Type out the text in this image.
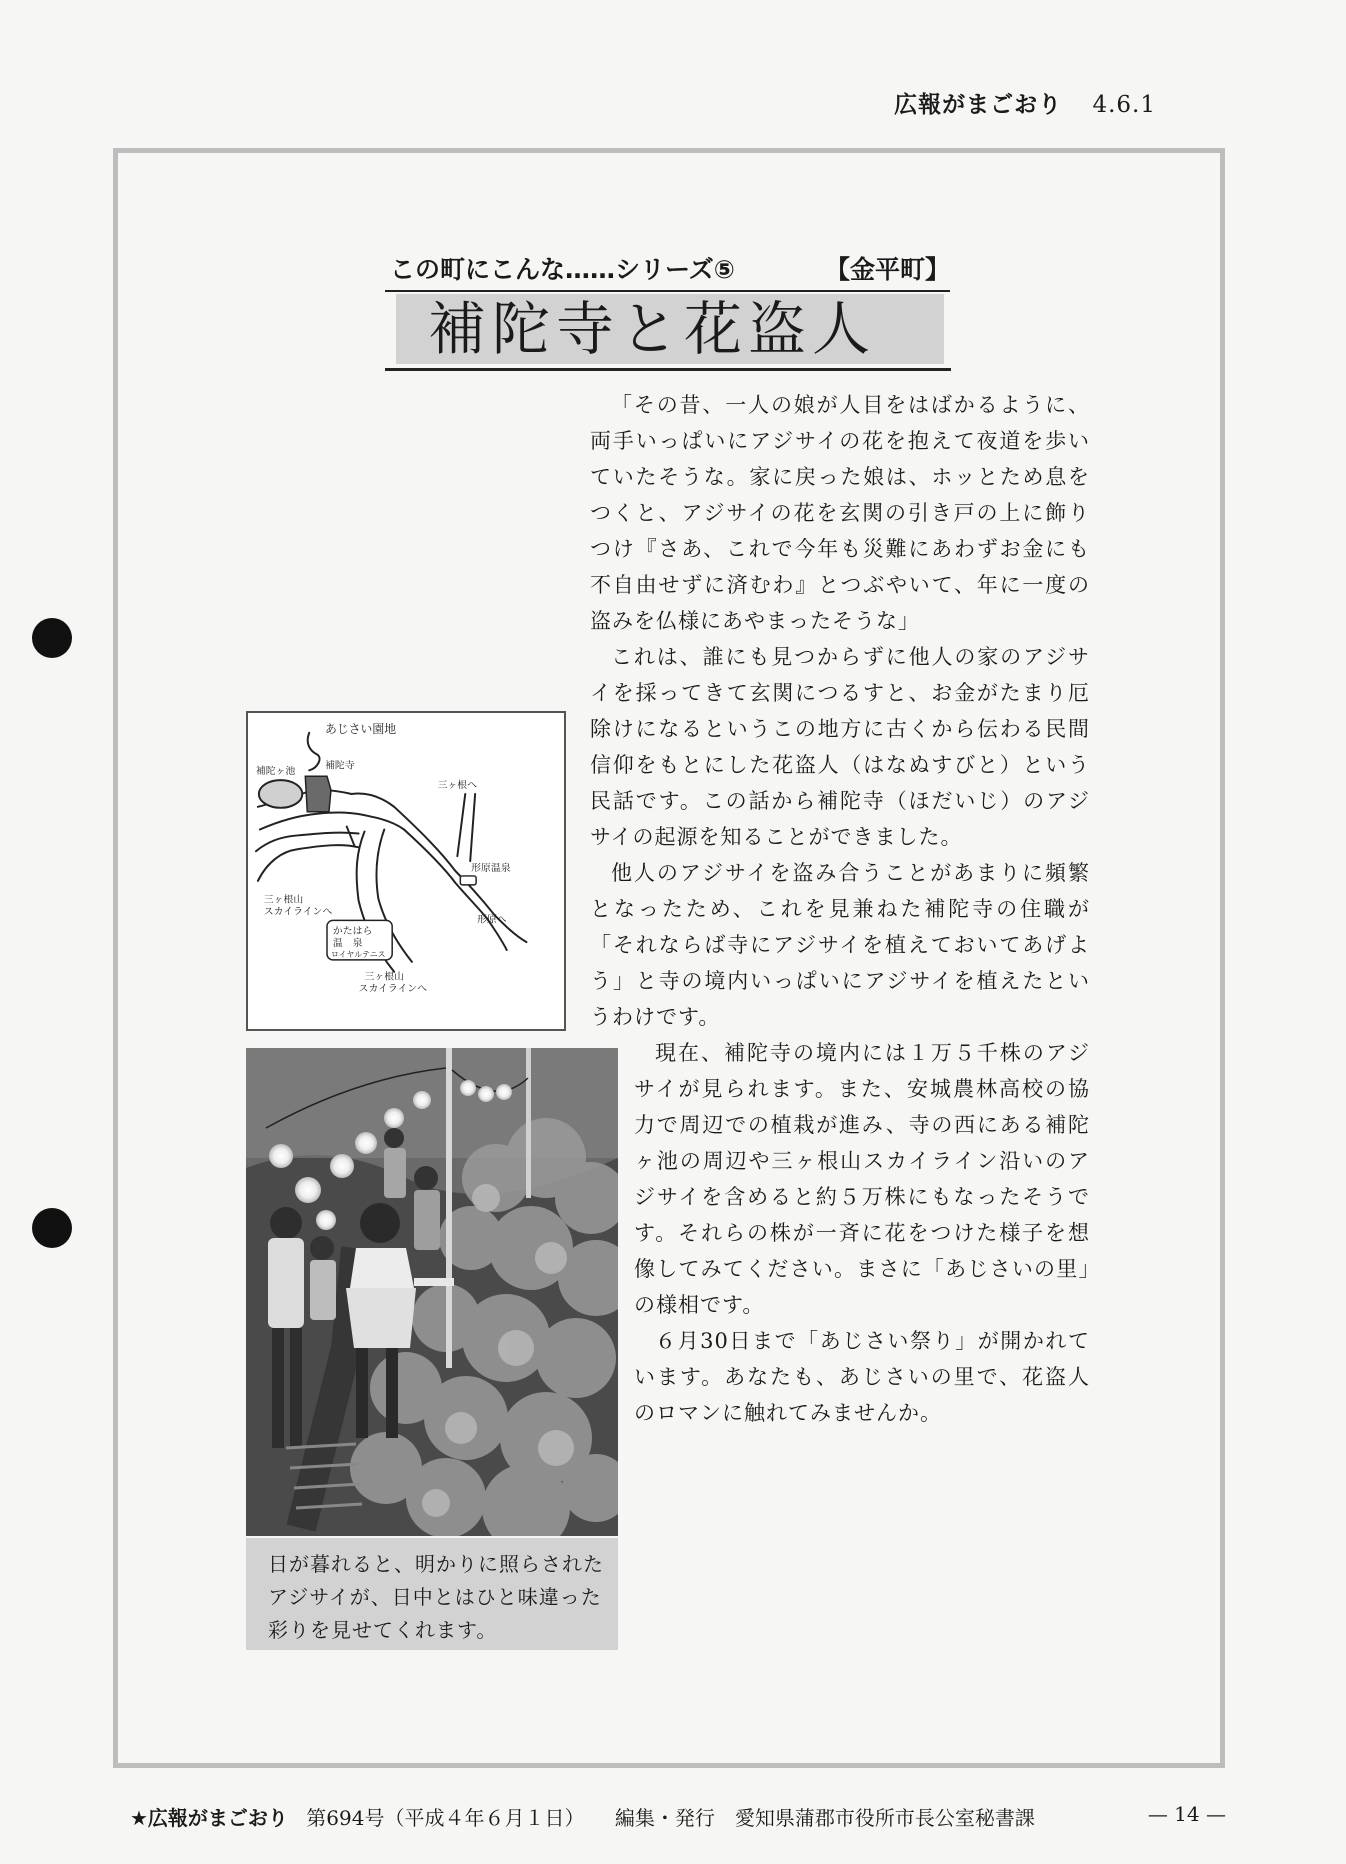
広報がまごおり 4.6.1
この町にこんな……シリーズ⑤	【金平町】
補陀寺と花盗人

「その昔、一人の娘が人目をはばかるように、両手いっぱいにアジサイの花を抱えて夜道を歩いていたそうな。家に戻った娘は、ホッとため息をつくと、アジサイの花を玄関の引き戸の上に飾りつけ『さあ、これで今年も災難にあわずお金にも不自由せずに済むわ』とつぶやいて、年に一度の盗みを仏様にあやまったそうな」

これは、誰にも見つからずに他人の家のアジサイを採ってきて玄関につるすと、お金がたまり厄除けになるというこの地方に古くから伝わる民間信仰をもとにした花盗人（はなぬすびと）という民話です。この話から補陀寺（ほだいじ）のアジサイの起源を知ることができました。

他人のアジサイを盗み合うことがあまりに頻繁となったため、これを見兼ねた補陀寺の住職が「それならば寺にアジサイを植えておいてあげよう」と寺の境内いっぱいにアジサイを植えたというわけです。

現在、補陀寺の境内には１万５千株のアジサイが見られます。また、安城農林高校の協力で周辺での植栽が進み、寺の西にある補陀ヶ池の周辺や三ヶ根山スカイライン沿いのアジサイを含めると約５万株にもなったそうです。それらの株が一斉に花をつけた様子を想像してみてください。まさに「あじさいの里」の様相です。

６月30日まで「あじさい祭り」が開かれています。あなたも、あじさいの里で、花盗人のロマンに触れてみませんか。

あじさい園地
補陀ヶ池
補陀寺
三ヶ根へ
形原温泉
三ヶ根山
スカイラインへ
かたはら
温　泉
ロイヤルテニス
形原へ
三ヶ根山
スカイラインへ
日が暮れると、明かりに照らされたアジサイが、日中とはひと味違った彩りを見せてくれます。
★広報がまごおり 第694号（平成４年６月１日） 編集・発行　愛知県蒲郡市役所市長公室秘書課	— 14 —
